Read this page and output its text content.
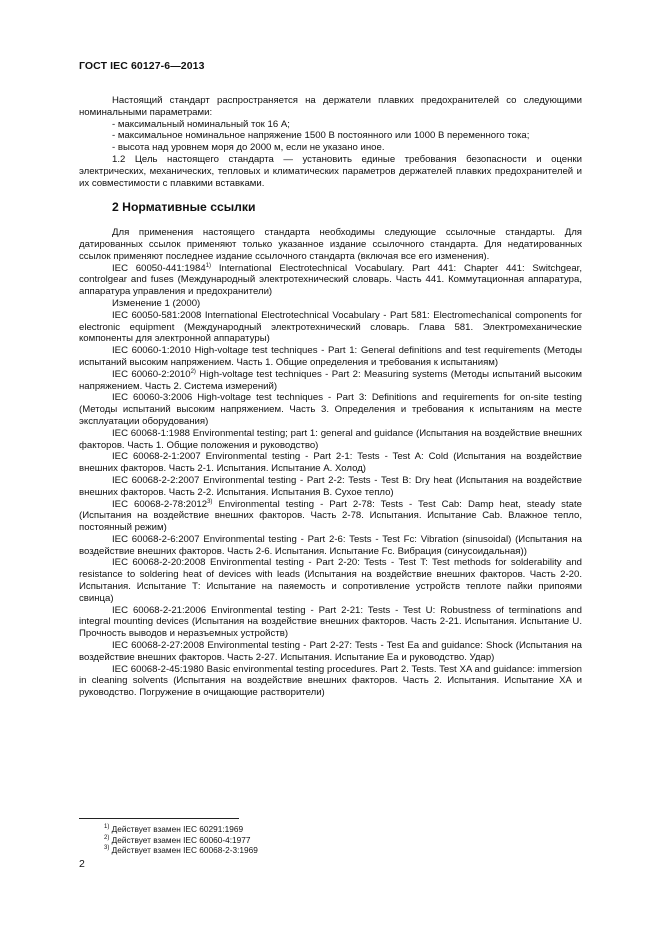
ГОСТ IEC 60127-6—2013

Настоящий стандарт распространяется на держатели плавких предохранителей со следующими номинальными параметрами:

- максимальный номинальный ток 16 А;

- максимальное номинальное напряжение 1500 В постоянного или 1000 В переменного тока;

- высота над уровнем моря до 2000 м, если не указано иное.

1.2 Цель настоящего стандарта — установить единые требования безопасности и оценки электрических, механических, тепловых и климатических параметров держателей плавких предохранителей и их совместимости с плавкими вставками.

2 Нормативные ссылки

Для применения настоящего стандарта необходимы следующие ссылочные стандарты. Для датированных ссылок применяют только указанное издание ссылочного стандарта. Для недатированных ссылок применяют последнее издание ссылочного стандарта (включая все его изменения).

IEC 60050-441:1984$^{1)}$ International Electrotechnical Vocabulary. Part 441: Chapter 441: Switchgear, controlgear and fuses (Международный электротехнический словарь. Часть 441. Коммутационная аппаратура, аппаратура управления и предохранители)

Изменение 1 (2000)

IEC 60050-581:2008 International Electrotechnical Vocabulary - Part 581: Electromechanical components for electronic equipment (Международный электротехнический словарь. Глава 581. Электромеханические компоненты для электронной аппаратуры)

IEC 60060-1:2010 High-voltage test techniques - Part 1: General definitions and test requirements (Методы испытаний высоким напряжением. Часть 1. Общие определения и требования к испытаниям)

IEC 60060-2:2010$^{2)}$ High-voltage test techniques - Part 2: Measuring systems (Методы испытаний высоким напряжением. Часть 2. Система измерений)

IEC 60060-3:2006 High-voltage test techniques - Part 3: Definitions and requirements for on-site testing (Методы испытаний высоким напряжением. Часть 3. Определения и требования к испытаниям на месте эксплуатации оборудования)

IEC 60068-1:1988 Environmental testing; part 1: general and guidance (Испытания на воздействие внешних факторов. Часть 1. Общие положения и руководство)

IEC 60068-2-1:2007 Environmental testing - Part 2-1: Tests - Test A: Cold (Испытания на воздействие внешних факторов. Часть 2-1. Испытания. Испытание А. Холод)

IEC 60068-2-2:2007 Environmental testing - Part 2-2: Tests - Test B: Dry heat (Испытания на воздействие внешних факторов. Часть 2-2. Испытания. Испытания В. Сухое тепло)

IEC 60068-2-78:2012$^{3)}$ Environmental testing - Part 2-78: Tests - Test Cab: Damp heat, steady state (Испытания на воздействие внешних факторов. Часть 2-78. Испытания. Испытание Cab. Влажное тепло, постоянный режим)

IEC 60068-2-6:2007 Environmental testing - Part 2-6: Tests - Test Fc: Vibration (sinusoidal) (Испытания на воздействие внешних факторов. Часть 2-6. Испытания. Испытание Fc. Вибрация (синусоидальная))

IEC 60068-2-20:2008 Environmental testing - Part 2-20: Tests - Test T: Test methods for solderability and resistance to soldering heat of devices with leads (Испытания на воздействие внешних факторов. Часть 2-20. Испытания. Испытание Т: Испытание на паяемость и сопротивление устройств теплоте пайки припоями свинца)

IEC 60068-2-21:2006 Environmental testing - Part 2-21: Tests - Test U: Robustness of terminations and integral mounting devices (Испытания на воздействие внешних факторов. Часть 2-21. Испытания. Испытание U. Прочность выводов и неразъемных устройств)

IEC 60068-2-27:2008 Environmental testing - Part 2-27: Tests - Test Ea and guidance: Shock (Испытания на воздействие внешних факторов. Часть 2-27. Испытания. Испытание Ea и руководство. Удар)

IEC 60068-2-45:1980 Basic environmental testing procedures. Part 2. Tests. Test XA and guidance: immersion in cleaning solvents (Испытания на воздействие внешних факторов. Часть 2. Испытания. Испытание XA и руководство. Погружение в очищающие растворители)

$^{1)}$ Действует взамен IEC 60291:1969
$^{2)}$ Действует взамен IEC 60060-4:1977
$^{3)}$ Действует взамен IEC 60068-2-3:1969
2
